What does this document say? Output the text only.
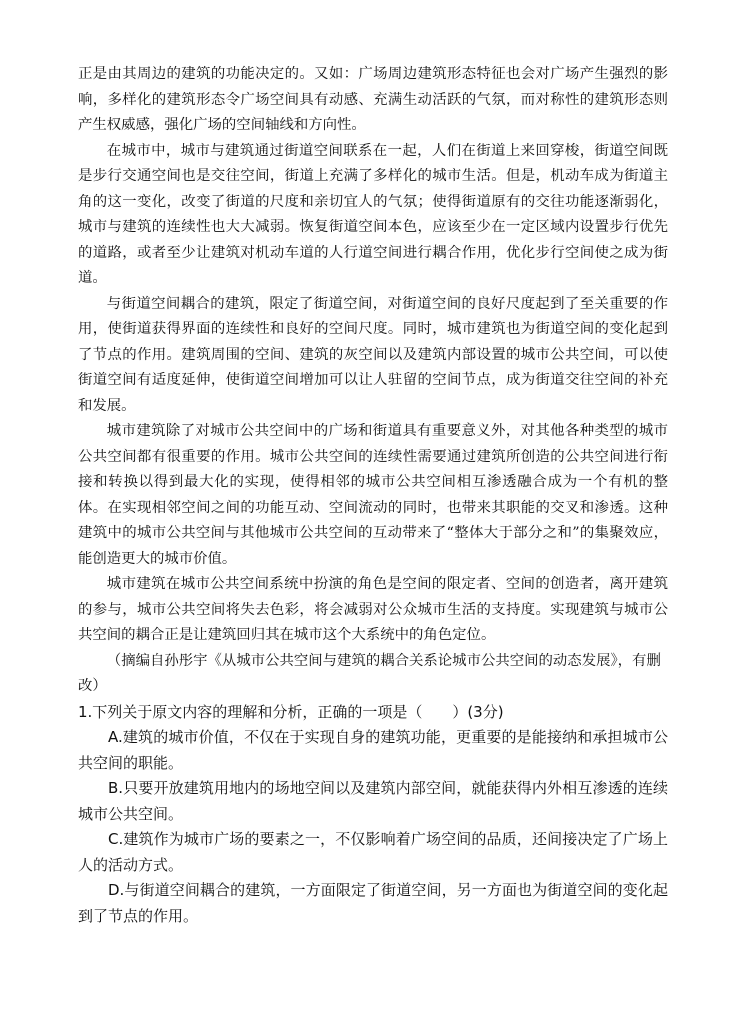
正是由其周边的建筑的功能决定的。又如：广场周边建筑形态特征也会对广场产生强烈的影响，多样化的建筑形态令广场空间具有动感、充满生动活跃的气氛，而对称性的建筑形态则产生权威感，强化广场的空间轴线和方向性。

在城市中，城市与建筑通过街道空间联系在一起，人们在街道上来回穿梭，街道空间既是步行交通空间也是交往空间，街道上充满了多样化的城市生活。但是，机动车成为街道主角的这一变化，改变了街道的尺度和亲切宜人的气氛；使得街道原有的交往功能逐渐弱化，城市与建筑的连续性也大大减弱。恢复街道空间本色，应该至少在一定区域内设置步行优先的道路，或者至少让建筑对机动车道的人行道空间进行耦合作用，优化步行空间使之成为街道。

与街道空间耦合的建筑，限定了街道空间，对街道空间的良好尺度起到了至关重要的作用，使街道获得界面的连续性和良好的空间尺度。同时，城市建筑也为街道空间的变化起到了节点的作用。建筑周围的空间、建筑的灰空间以及建筑内部设置的城市公共空间，可以使街道空间有适度延伸，使街道空间增加可以让人驻留的空间节点，成为街道交往空间的补充和发展。

城市建筑除了对城市公共空间中的广场和街道具有重要意义外，对其他各种类型的城市公共空间都有很重要的作用。城市公共空间的连续性需要通过建筑所创造的公共空间进行衔接和转换以得到最大化的实现，使得相邻的城市公共空间相互渗透融合成为一个有机的整体。在实现相邻空间之间的功能互动、空间流动的同时，也带来其职能的交叉和渗透。这种建筑中的城市公共空间与其他城市公共空间的互动带来了“整体大于部分之和”的集聚效应，能创造更大的城市价值。

城市建筑在城市公共空间系统中扮演的角色是空间的限定者、空间的创造者，离开建筑的参与，城市公共空间将失去色彩，将会减弱对公众城市生活的支持度。实现建筑与城市公共空间的耦合正是让建筑回归其在城市这个大系统中的角色定位。

（摘编自孙彤宇《从城市公共空间与建筑的耦合关系论城市公共空间的动态发展》，有删改）

1.下列关于原文内容的理解和分析，正确的一项是（　　）(3分)

A.建筑的城市价值，不仅在于实现自身的建筑功能，更重要的是能接纳和承担城市公共空间的职能。

B.只要开放建筑用地内的场地空间以及建筑内部空间，就能获得内外相互渗透的连续城市公共空间。

C.建筑作为城市广场的要素之一，不仅影响着广场空间的品质，还间接决定了广场上人的活动方式。

D.与街道空间耦合的建筑，一方面限定了街道空间，另一方面也为街道空间的变化起到了节点的作用。
